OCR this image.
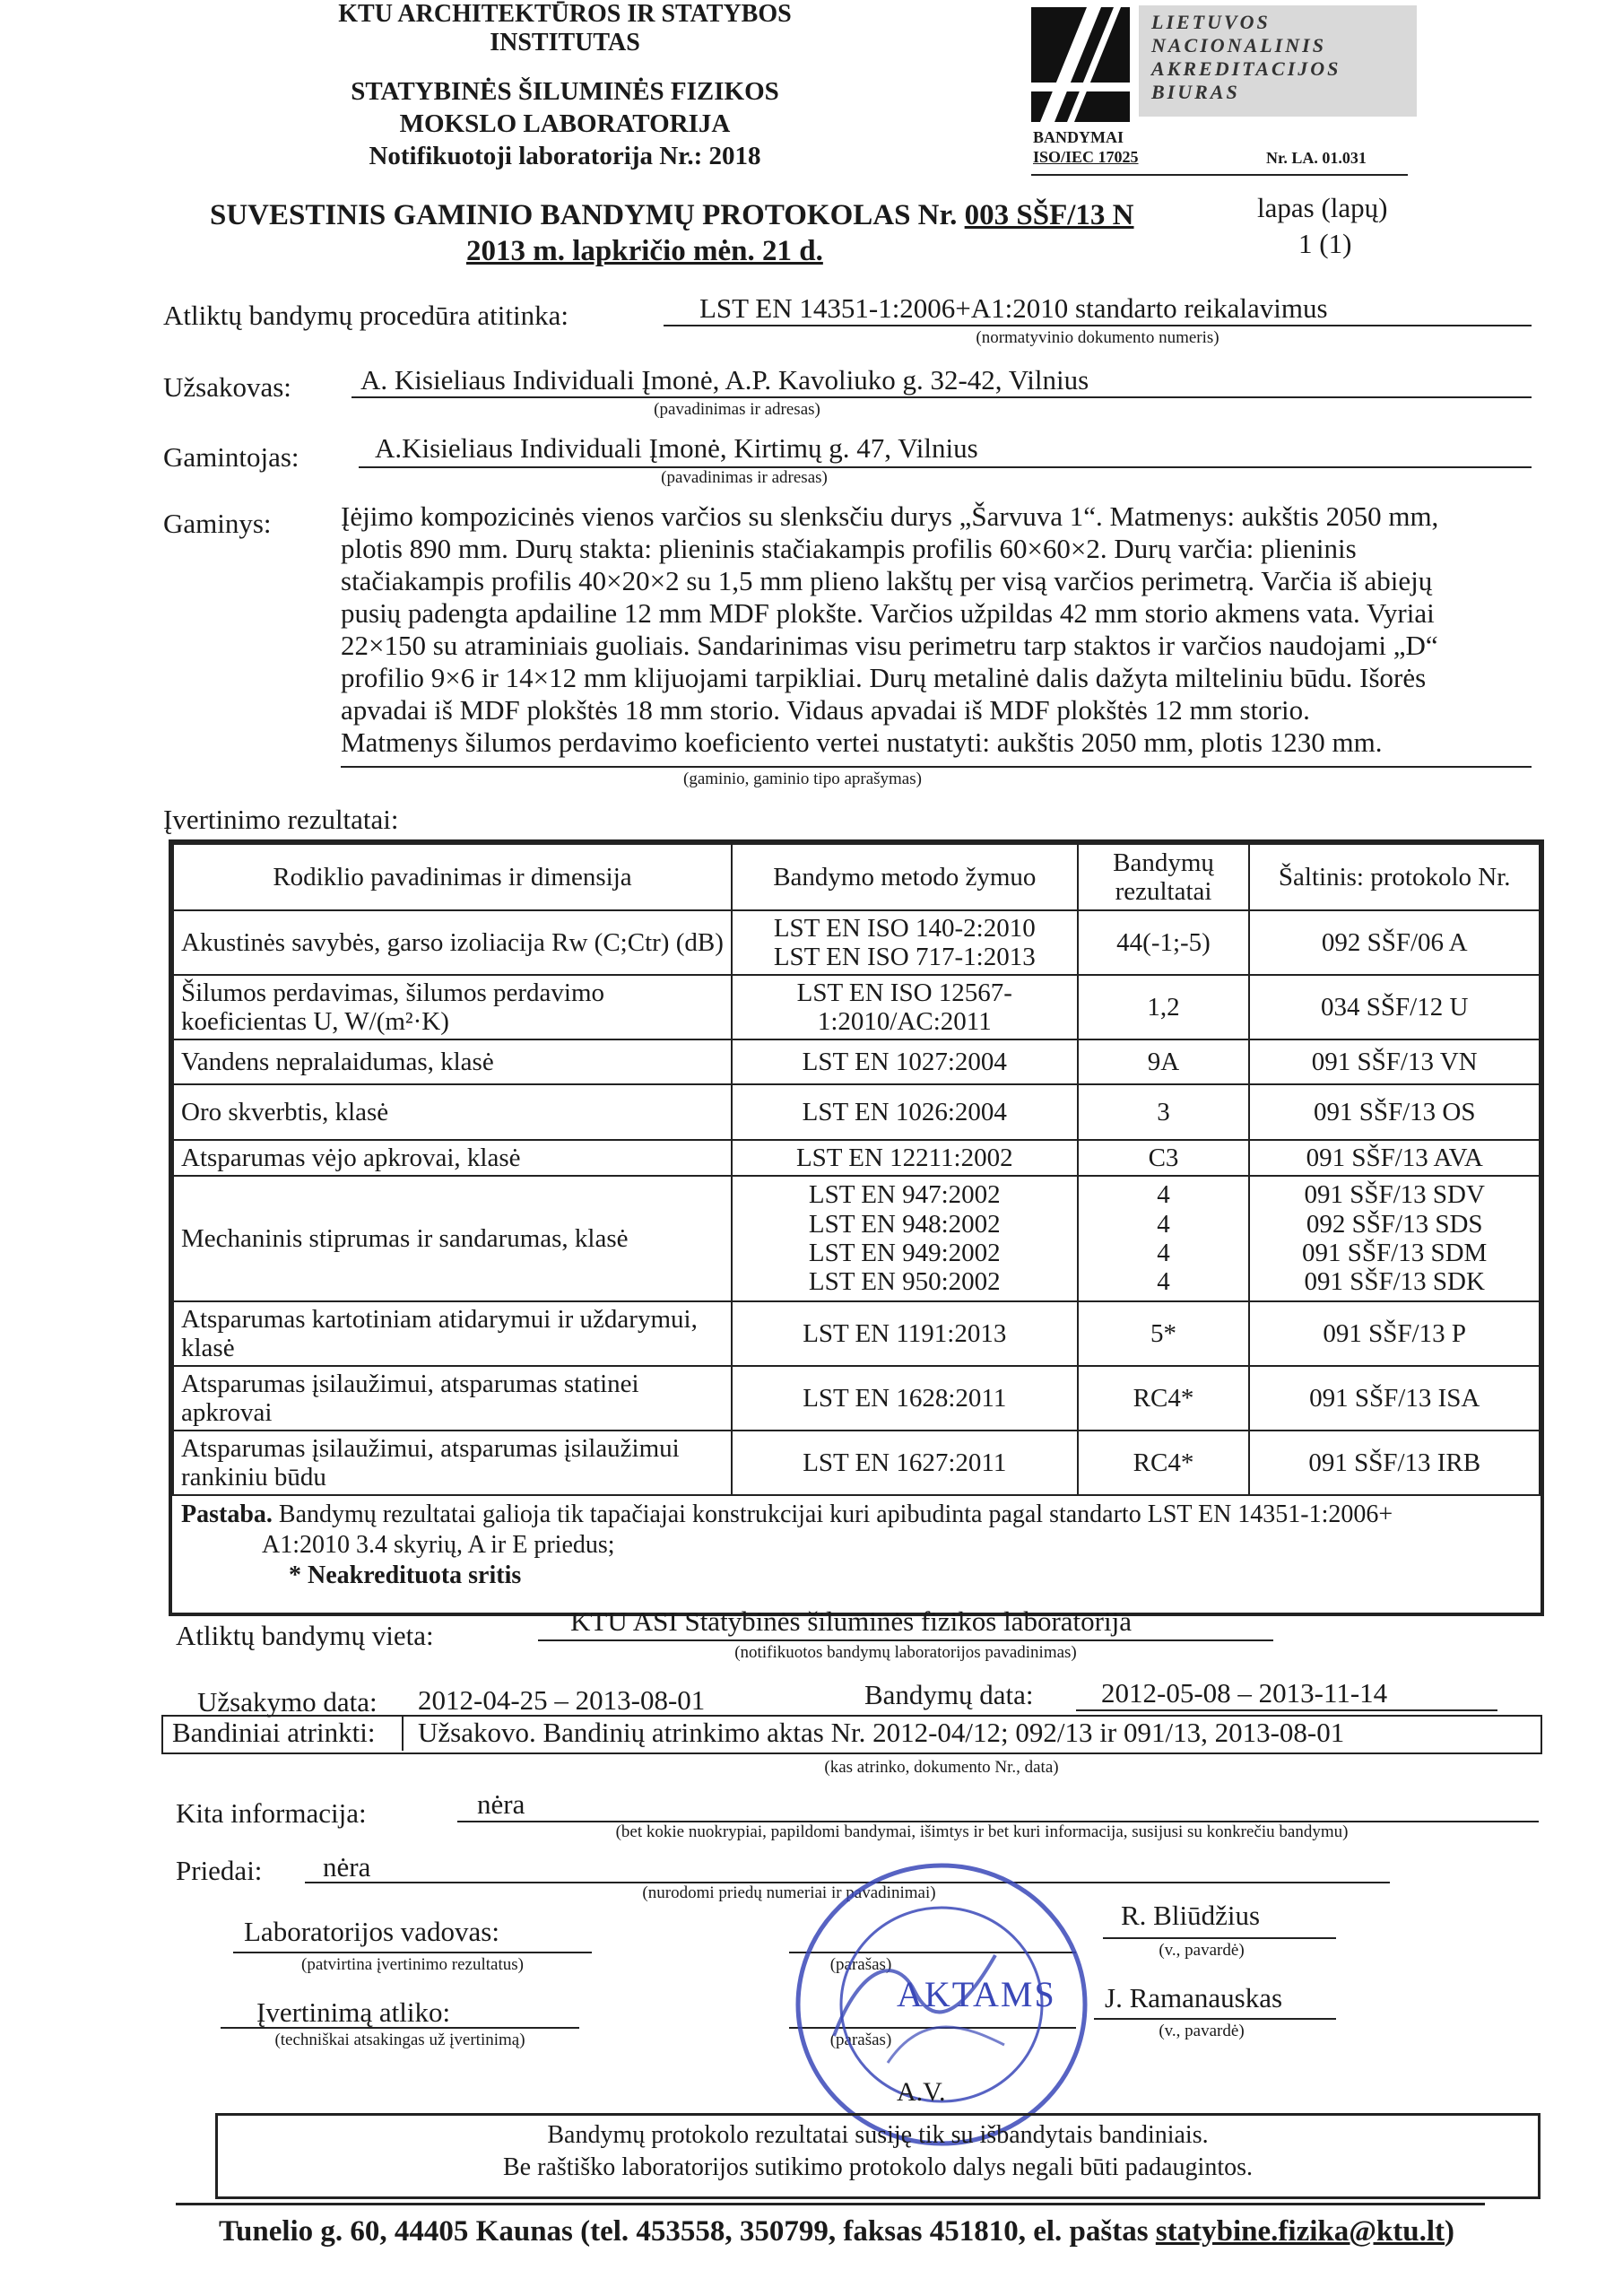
KTU ARCHITEKTŪROS IR STATYBOS
INSTITUTAS
STATYBINĖS ŠILUMINĖS FIZIKOS
MOKSLO LABORATORIJA
Notifikuotoji laboratorija Nr.: 2018
BANDYMAI
ISO/IEC 17025
LIETUVOS
NACIONALINIS
AKREDITACIJOS
BIURAS
Nr. LA. 01.031
SUVESTINIS GAMINIO BANDYMŲ PROTOKOLAS Nr. 003 SŠF/13 N
2013 m. lapkričio mėn. 21 d.
lapas (lapų)
1 (1)
Atliktų bandymų procedūra atitinka:	LST EN 14351-1:2006+A1:2010 standarto reikalavimus
(normatyvinio dokumento numeris)
Užsakovas: A. Kisieliaus Individuali Įmonė, A.P. Kavoliuko g. 32-42, Vilnius
(pavadinimas ir adresas)
Gamintojas:	A.Kisieliaus Individuali Įmonė, Kirtimų g. 47, Vilnius
(pavadinimas ir adresas)
Gaminys: Įėjimo kompozicinės vienos varčios su slenksčiu durys „Šarvuva 1“. Matmenys: aukštis 2050 mm,
plotis 890 mm. Durų stakta: plieninis stačiakampis profilis 60×60×2. Durų varčia: plieninis
stačiakampis profilis 40×20×2 su 1,5 mm plieno lakštų per visą varčios perimetrą. Varčia iš abiejų
pusių padengta apdailine 12 mm MDF plokšte. Varčios užpildas 42 mm storio akmens vata. Vyriai
22×150 su atraminiais guoliais. Sandarinimas visu perimetru tarp staktos ir varčios naudojami „D“
profilio 9×6 ir 14×12 mm klijuojami tarpikliai. Durų metalinė dalis dažyta milteliniu būdu. Išorės
apvadai iš MDF plokštės 18 mm storio. Vidaus apvadai iš MDF plokštės 12 mm storio.
Matmenys šilumos perdavimo koeficiento vertei nustatyti: aukštis 2050 mm, plotis 1230 mm.
(gaminio, gaminio tipo aprašymas)
Įvertinimo rezultatai:
Rodiklio pavadinimas ir dimensija	Bandymo metodo žymuo	Bandymų rezultatai	Šaltinis: protokolo Nr.
Akustinės savybės, garso izoliacija Rw (C;Ctr) (dB)	LST EN ISO 140-2:2010
LST EN ISO 717-1:2013	44(-1;-5)	092 SŠF/06 A
Šilumos perdavimas, šilumos perdavimo koeficientas U, W/(m²·K)	LST EN ISO 12567-
1:2010/AC:2011	1,2	034 SŠF/12 U
Vandens nepralaidumas, klasė	LST EN 1027:2004	9A	091 SŠF/13 VN
Oro skverbtis, klasė	LST EN 1026:2004	3	091 SŠF/13 OS
Atsparumas vėjo apkrovai, klasė	LST EN 12211:2002	C3	091 SŠF/13 AVA
Mechaninis stiprumas ir sandarumas, klasė	LST EN 947:2002
LST EN 948:2002
LST EN 949:2002
LST EN 950:2002	4
4
4
4	091 SŠF/13 SDV
092 SŠF/13 SDS
091 SŠF/13 SDM
091 SŠF/13 SDK
Atsparumas kartotiniam atidarymui ir uždarymui, klasė	LST EN 1191:2013	5*	091 SŠF/13 P
Atsparumas įsilaužimui, atsparumas statinei apkrovai	LST EN 1628:2011	RC4*	091 SŠF/13 ISA
Atsparumas įsilaužimui, atsparumas įsilaužimui rankiniu būdu	LST EN 1627:2011	RC4*	091 SŠF/13 IRB
Pastaba. Bandymų rezultatai galioja tik tapačiajai konstrukcijai kuri apibudinta pagal standarto LST EN 14351-1:2006+
A1:2010 3.4 skyrių, A ir E priedus;
* Neakredituota sritis
Atliktų bandymų vieta:	KTU ASI Statybinės šiluminės fizikos laboratorija
(notifikuotos bandymų laboratorijos pavadinimas)
Užsakymo data: 2012-04-25 – 2013-08-01	Bandymų data: 2012-05-08 – 2013-11-14
Bandiniai atrinkti: Užsakovo. Bandinių atrinkimo aktas Nr. 2012-04/12; 092/13 ir 091/13, 2013-08-01
(kas atrinko, dokumento Nr., data)
Kita informacija:	nėra
(bet kokie nuokrypiai, papildomi bandymai, išimtys ir bet kuri informacija, susijusi su konkrečiu bandymu)
Priedai: nėra
(nurodomi priedų numeriai ir pavadinimai)
Laboratorijos vadovas:
(patvirtina įvertinimo rezultatus)	(parašas)
R. Bliūdžius
(v., pavardė)
Įvertinimą atliko:
(techniškai atsakingas už įvertinimą)	(parašas)
J. Ramanauskas
(v., pavardė)
AKTAMS
A.V.
Bandymų protokolo rezultatai susiję tik su išbandytais bandiniais.
Be raštiško laboratorijos sutikimo protokolo dalys negali būti padaugintos.
Tunelio g. 60, 44405 Kaunas (tel. 453558, 350799, faksas 451810, el. paštas statybine.fizika@ktu.lt)
